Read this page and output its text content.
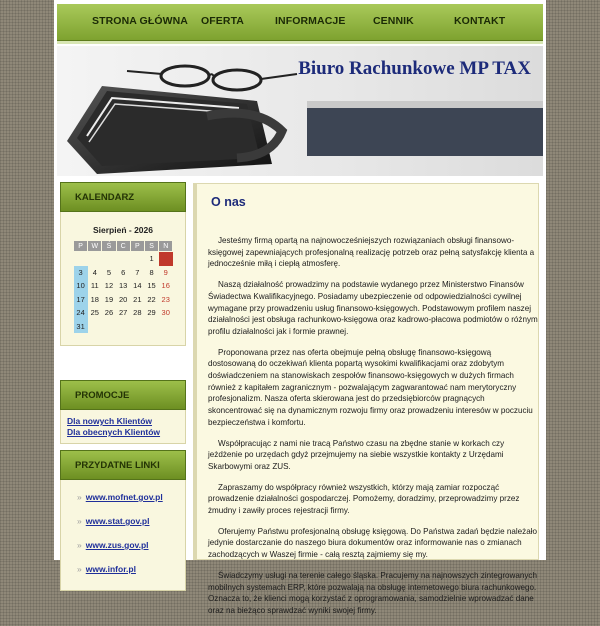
STRONA GŁÓWNA OFERTA	INFORMACJE	CENNIK	KONTAKT
Biuro Rachunkowe MP TAX
KALENDARZ
Sierpień - 2026
P	W	Ś	C	P	S	N
					1	2
3	4	5	6	7	8	9
10	11	12	13	14	15	16
17	18	19	20	21	22	23
24	25	26	27	28	29	30
31						
PROMOCJE
Dla nowych Klientów
Dla obecnych Klientów
PRZYDATNE LINKI
» www.mofnet.gov.pl
» www.stat.gov.pl
» www.zus.gov.pl
» www.infor.pl
O nas

Jesteśmy firmą opartą na najnowocześniejszych rozwiązaniach obsługi finansowo-księgowej zapewniających profesjonalną realizację potrzeb oraz pełną satysfakcję klienta a jednocześnie miłą i ciepłą atmosferę.

Naszą działalność prowadzimy na podstawie wydanego przez Ministerstwo Finansów Świadectwa Kwalifikacyjnego. Posiadamy ubezpieczenie od odpowiedzialności cywilnej wymagane przy prowadzeniu usług finansowo-księgowych. Podstawowym profilem naszej działalności jest obsługa rachunkowo-księgowa oraz kadrowo-płacowa podmiotów o różnym profilu działalności jak i formie prawnej.

Proponowana przez nas oferta obejmuje pełną obsługę finansowo-księgową dostosowaną do oczekiwań klienta popartą wysokimi kwalifikacjami oraz zdobytym doświadczeniem na stanowiskach zespołów finansowo-księgowych w dużych firmach również z kapitałem zagranicznym - pozwalającym zagwarantować nam merytoryczny profesjonalizm. Nasza oferta skierowana jest do przedsiębiorców pragnących skoncentrować się na dynamicznym rozwoju firmy oraz prowadzeniu interesów w poczuciu bezpieczeństwa i komfortu.

Współpracując z nami nie tracą Państwo czasu na zbędne stanie w korkach czy jeżdżenie po urzędach gdyż przejmujemy na siebie wszystkie kontakty z Urzędami Skarbowymi oraz ZUS.

Zapraszamy do współpracy również wszystkich, którzy mają zamiar rozpocząć prowadzenie działalności gospodarczej. Pomożemy, doradzimy, przeprowadzimy przez żmudny i zawiły proces rejestracji firmy.

Oferujemy Państwu profesjonalną obsługę księgową. Do Państwa zadań będzie należało jedynie dostarczanie do naszego biura dokumentów oraz informowanie nas o zmianach zachodzących w Waszej firmie - całą resztą zajmiemy się my.

Świadczymy usługi na terenie całego śląska. Pracujemy na najnowszych zintegrowanych mobilnych systemach ERP, które pozwalają na obsługę internetowego biura rachunkowego. Oznacza to, że klienci mogą korzystać z oprogramowania, samodzielnie wprowadzać dane oraz na bieżąco sprawdzać wyniki swojej firmy.
